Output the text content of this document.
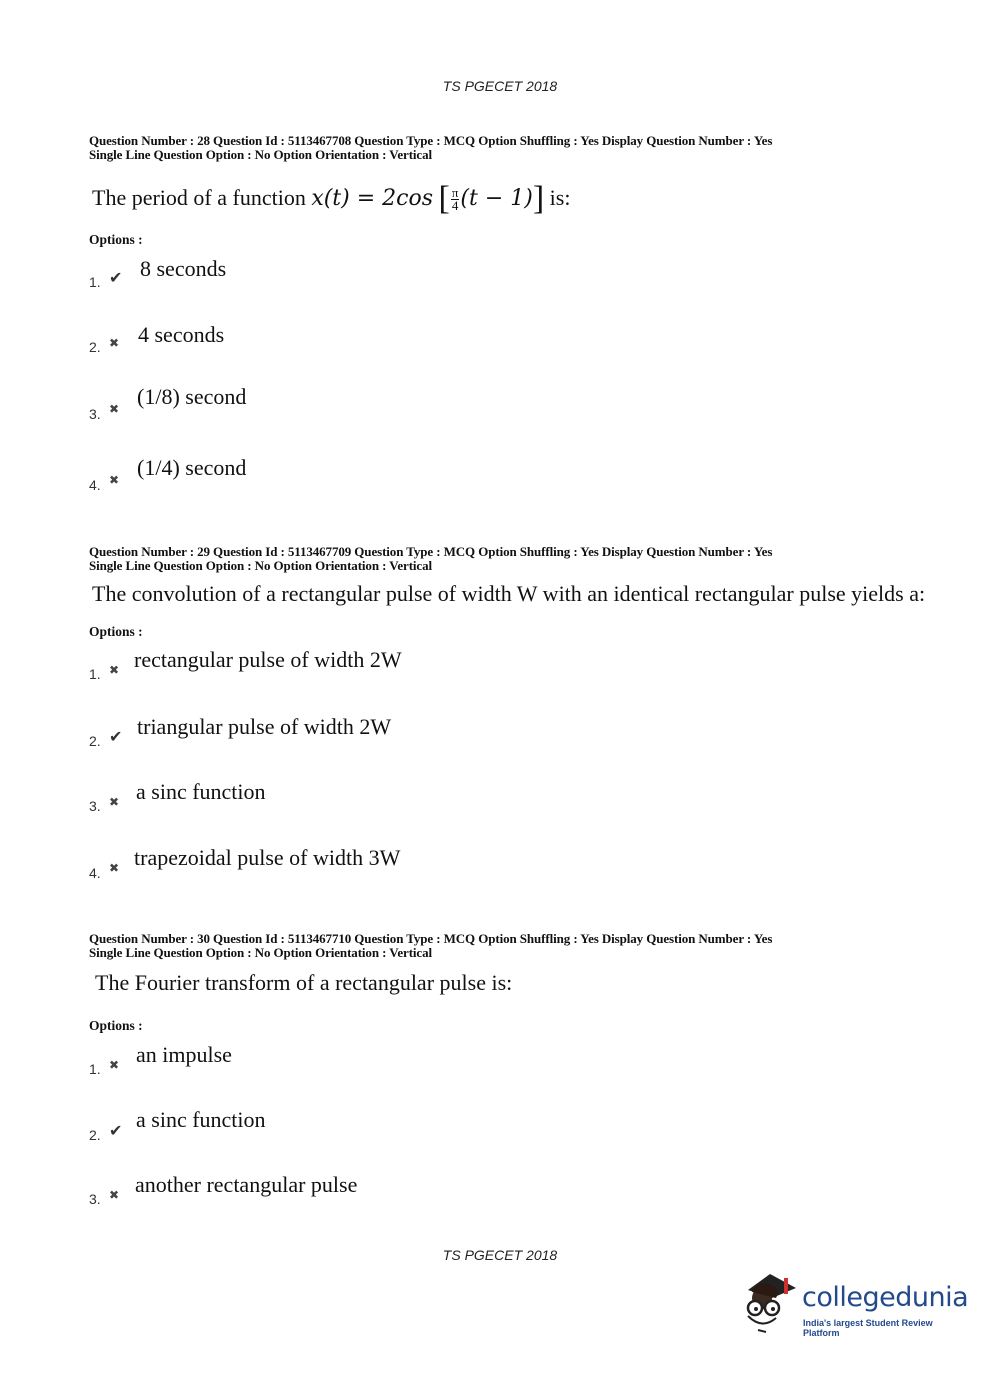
TS PGECET 2018
Question Number : 28 Question Id : 5113467708 Question Type : MCQ Option Shuffling : Yes Display Question Number : Yes
Single Line Question Option : No Option Orientation : Vertical
The period of a function x(t) = 2cos [ $\frac{\pi}{4} (t - 1)$] is:
Options :
1. ✔ 8 seconds
2. ✖ 4 seconds
3. ✖ (1/8) second
4. ✖ (1/4) second
Question Number : 29 Question Id : 5113467709 Question Type : MCQ Option Shuffling : Yes Display Question Number : Yes
Single Line Question Option : No Option Orientation : Vertical
The convolution of a rectangular pulse of width W with an identical rectangular pulse yields a:
Options :
1. ✖ rectangular pulse of width 2W
2. ✔ triangular pulse of width 2W
3. ✖ a sinc function
4. ✖ trapezoidal pulse of width 3W
Question Number : 30 Question Id : 5113467710 Question Type : MCQ Option Shuffling : Yes Display Question Number : Yes
Single Line Question Option : No Option Orientation : Vertical
The Fourier transform of a rectangular pulse is:
Options :
1. ✖ an impulse
2. ✔ a sinc function
3. ✖ another rectangular pulse
TS PGECET 2018
collegedunia
India's largest Student Review Platform
